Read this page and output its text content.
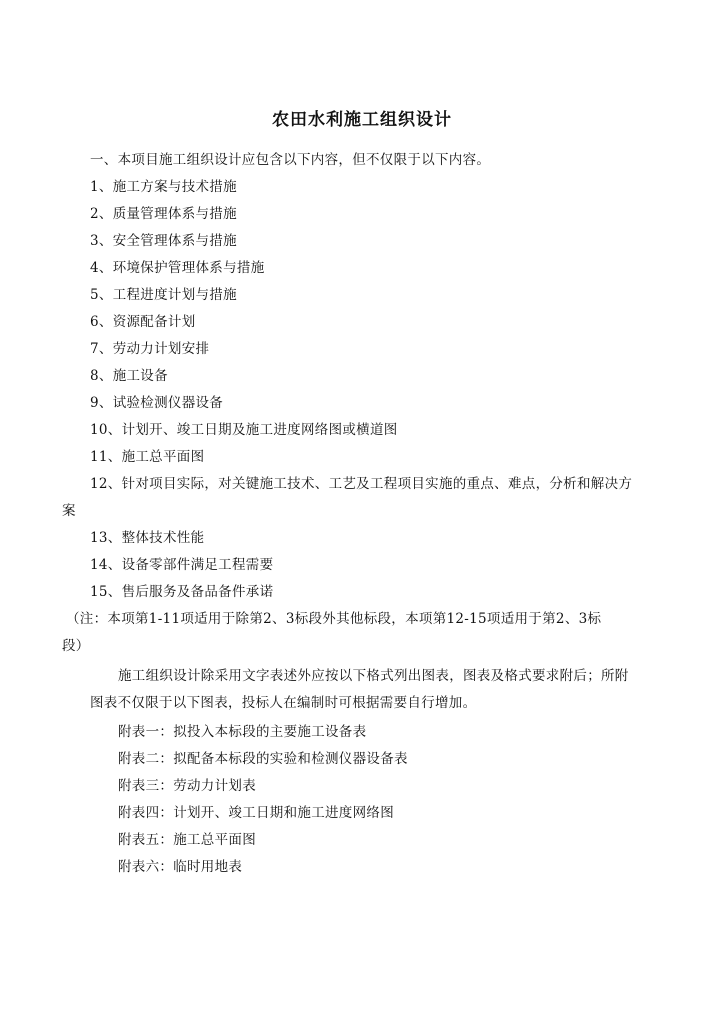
农田水利施工组织设计
一、本项目施工组织设计应包含以下内容，但不仅限于以下内容。
1、施工方案与技术措施
2、质量管理体系与措施
3、安全管理体系与措施
4、环境保护管理体系与措施
5、工程进度计划与措施
6、资源配备计划
7、劳动力计划安排
8、施工设备
9、试验检测仪器设备
10、计划开、竣工日期及施工进度网络图或横道图
11、施工总平面图
12、针对项目实际，对关键施工技术、工艺及工程项目实施的重点、难点，分析和解决方
案
13、整体技术性能
14、设备零部件满足工程需要
15、售后服务及备品备件承诺
（注：本项第1-11项适用于除第2、3标段外其他标段，本项第12-15项适用于第2、3标
段）
施工组织设计除采用文字表述外应按以下格式列出图表，图表及格式要求附后；所附
图表不仅限于以下图表，投标人在编制时可根据需要自行增加。
附表一：拟投入本标段的主要施工设备表
附表二：拟配备本标段的实验和检测仪器设备表
附表三：劳动力计划表
附表四：计划开、竣工日期和施工进度网络图
附表五：施工总平面图
附表六：临时用地表
